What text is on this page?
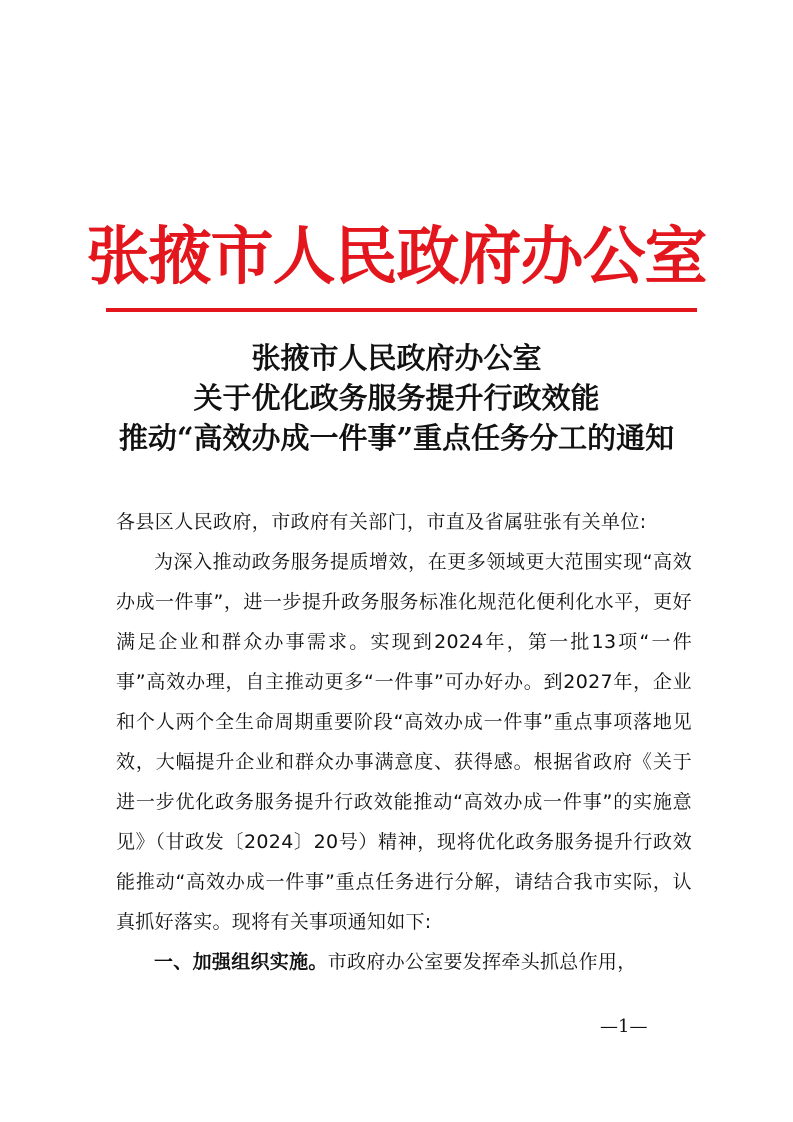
张掖市人民政府办公室
张掖市人民政府办公室
关于优化政务服务提升行政效能
推动“高效办成一件事”重点任务分工的通知

各县区人民政府，市政府有关部门，市直及省属驻张有关单位:

为深入推动政务服务提质增效，在更多领域更大范围实现“高效办成一件事”，进一步提升政务服务标准化规范化便利化水平，更好满足企业和群众办事需求。实现到2024年，第一批13项“一件事”高效办理，自主推动更多“一件事”可办好办。到2027年，企业和个人两个全生命周期重要阶段“高效办成一件事”重点事项落地见效，大幅提升企业和群众办事满意度、获得感。根据省政府《关于进一步优化政务服务提升行政效能推动“高效办成一件事”的实施意见》（甘政发〔2024〕20号）精神，现将优化政务服务提升行政效能推动“高效办成一件事”重点任务进行分解，请结合我市实际，认真抓好落实。现将有关事项通知如下:

一、加强组织实施。市政府办公室要发挥牵头抓总作用，

—1—
